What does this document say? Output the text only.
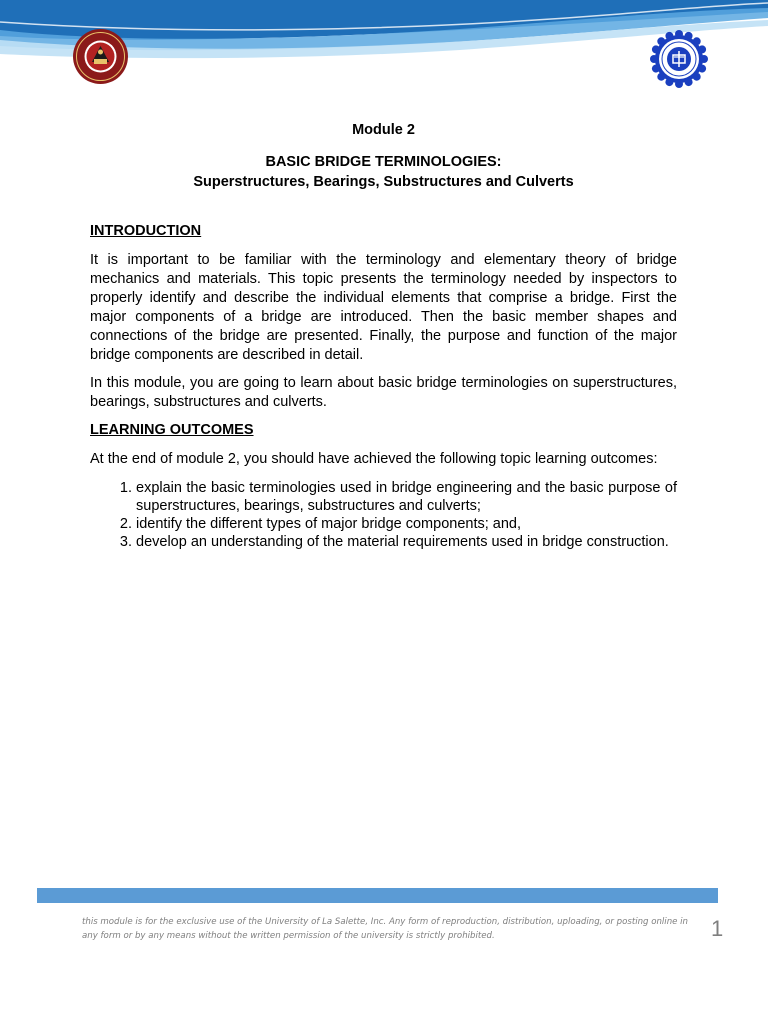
Module 2

BASIC BRIDGE TERMINOLOGIES:

Superstructures, Bearings, Substructures and Culverts

INTRODUCTION

It is important to be familiar with the terminology and elementary theory of bridge mechanics and materials. This topic presents the terminology needed by inspectors to properly identify and describe the individual elements that comprise a bridge. First the major components of a bridge are introduced. Then the basic member shapes and connections of the bridge are presented. Finally, the purpose and function of the major bridge components are described in detail.

In this module, you are going to learn about basic bridge terminologies on superstructures, bearings, substructures and culverts.

LEARNING OUTCOMES

At the end of module 2, you should have achieved the following topic learning outcomes:

1. explain the basic terminologies used in bridge engineering and the basic purpose of superstructures, bearings, substructures and culverts;
2. identify the different types of major bridge components; and,
3. develop an understanding of the material requirements used in bridge construction.
this module is for the exclusive use of the University of La Salette, Inc. Any form of reproduction, distribution, uploading, or posting online in any form or by any means without the written permission of the university is strictly prohibited.	1
